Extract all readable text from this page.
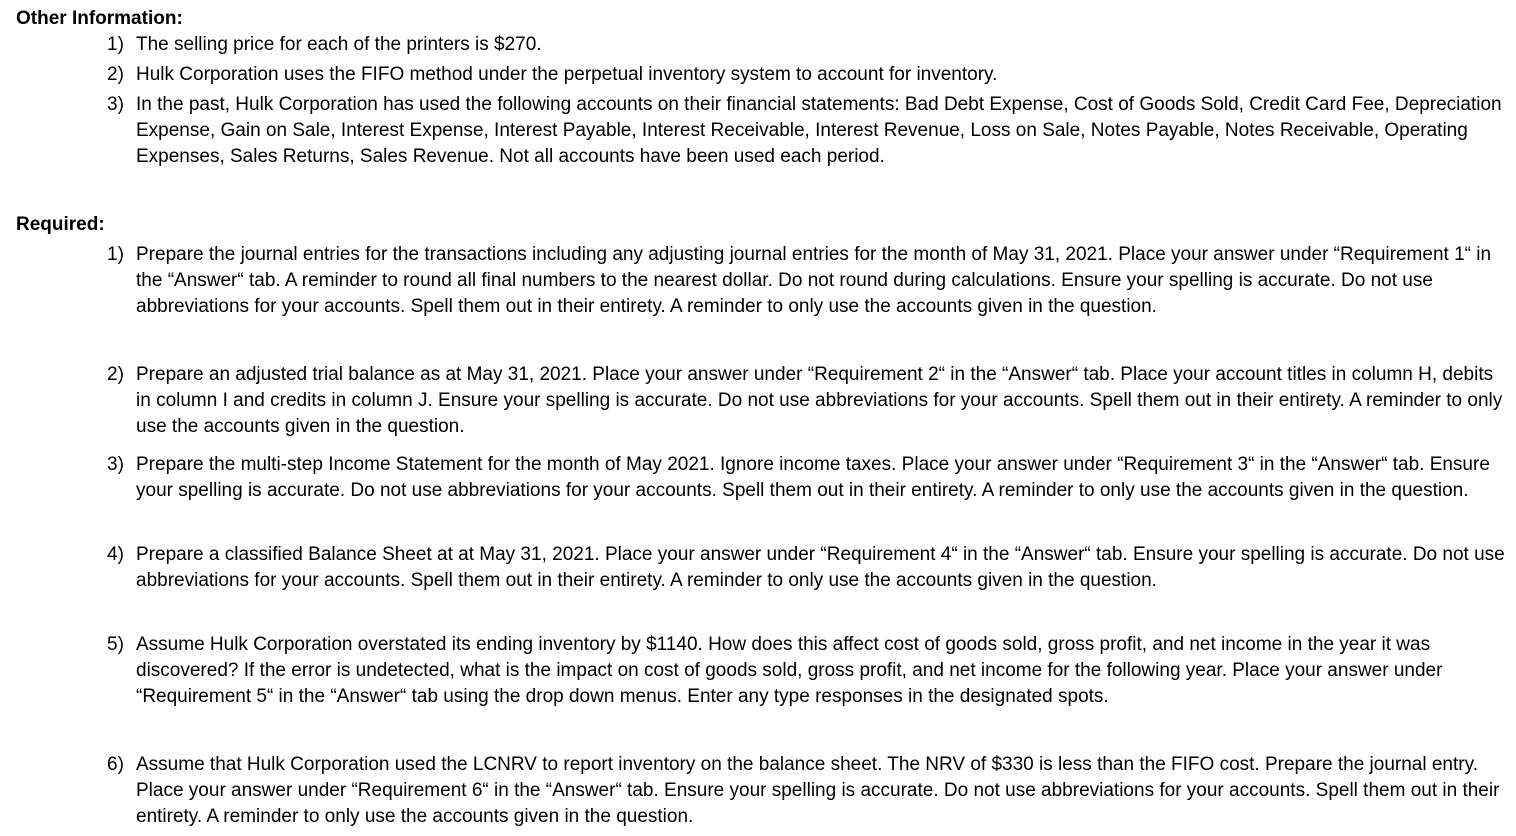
Other Information:
1) The selling price for each of the printers is $270.
2) Hulk Corporation uses the FIFO method under the perpetual inventory system to account for inventory.
3) In the past, Hulk Corporation has used the following accounts on their financial statements: Bad Debt Expense, Cost of Goods Sold, Credit Card Fee, Depreciation Expense, Gain on Sale, Interest Expense, Interest Payable, Interest Receivable, Interest Revenue, Loss on Sale, Notes Payable, Notes Receivable, Operating Expenses, Sales Returns, Sales Revenue. Not all accounts have been used each period.
Required:
1) Prepare the journal entries for the transactions including any adjusting journal entries for the month of May 31, 2021. Place your answer under “Requirement 1“ in the “Answer“ tab. A reminder to round all final numbers to the nearest dollar. Do not round during calculations. Ensure your spelling is accurate. Do not use abbreviations for your accounts. Spell them out in their entirety. A reminder to only use the accounts given in the question.
2) Prepare an adjusted trial balance as at May 31, 2021. Place your answer under “Requirement 2“ in the “Answer“ tab. Place your account titles in column H, debits in column I and credits in column J. Ensure your spelling is accurate. Do not use abbreviations for your accounts. Spell them out in their entirety. A reminder to only use the accounts given in the question.
3) Prepare the multi-step Income Statement for the month of May 2021. Ignore income taxes. Place your answer under “Requirement 3“ in the “Answer“ tab. Ensure your spelling is accurate. Do not use abbreviations for your accounts. Spell them out in their entirety. A reminder to only use the accounts given in the question.
4) Prepare a classified Balance Sheet at at May 31, 2021. Place your answer under “Requirement 4“ in the “Answer“ tab. Ensure your spelling is accurate. Do not use abbreviations for your accounts. Spell them out in their entirety. A reminder to only use the accounts given in the question.
5) Assume Hulk Corporation overstated its ending inventory by $1140. How does this affect cost of goods sold, gross profit, and net income in the year it was discovered? If the error is undetected, what is the impact on cost of goods sold, gross profit, and net income for the following year. Place your answer under “Requirement 5“ in the “Answer“ tab using the drop down menus. Enter any type responses in the designated spots.
6) Assume that Hulk Corporation used the LCNRV to report inventory on the balance sheet. The NRV of $330 is less than the FIFO cost. Prepare the journal entry. Place your answer under “Requirement 6“ in the “Answer“ tab. Ensure your spelling is accurate. Do not use abbreviations for your accounts. Spell them out in their entirety. A reminder to only use the accounts given in the question.
